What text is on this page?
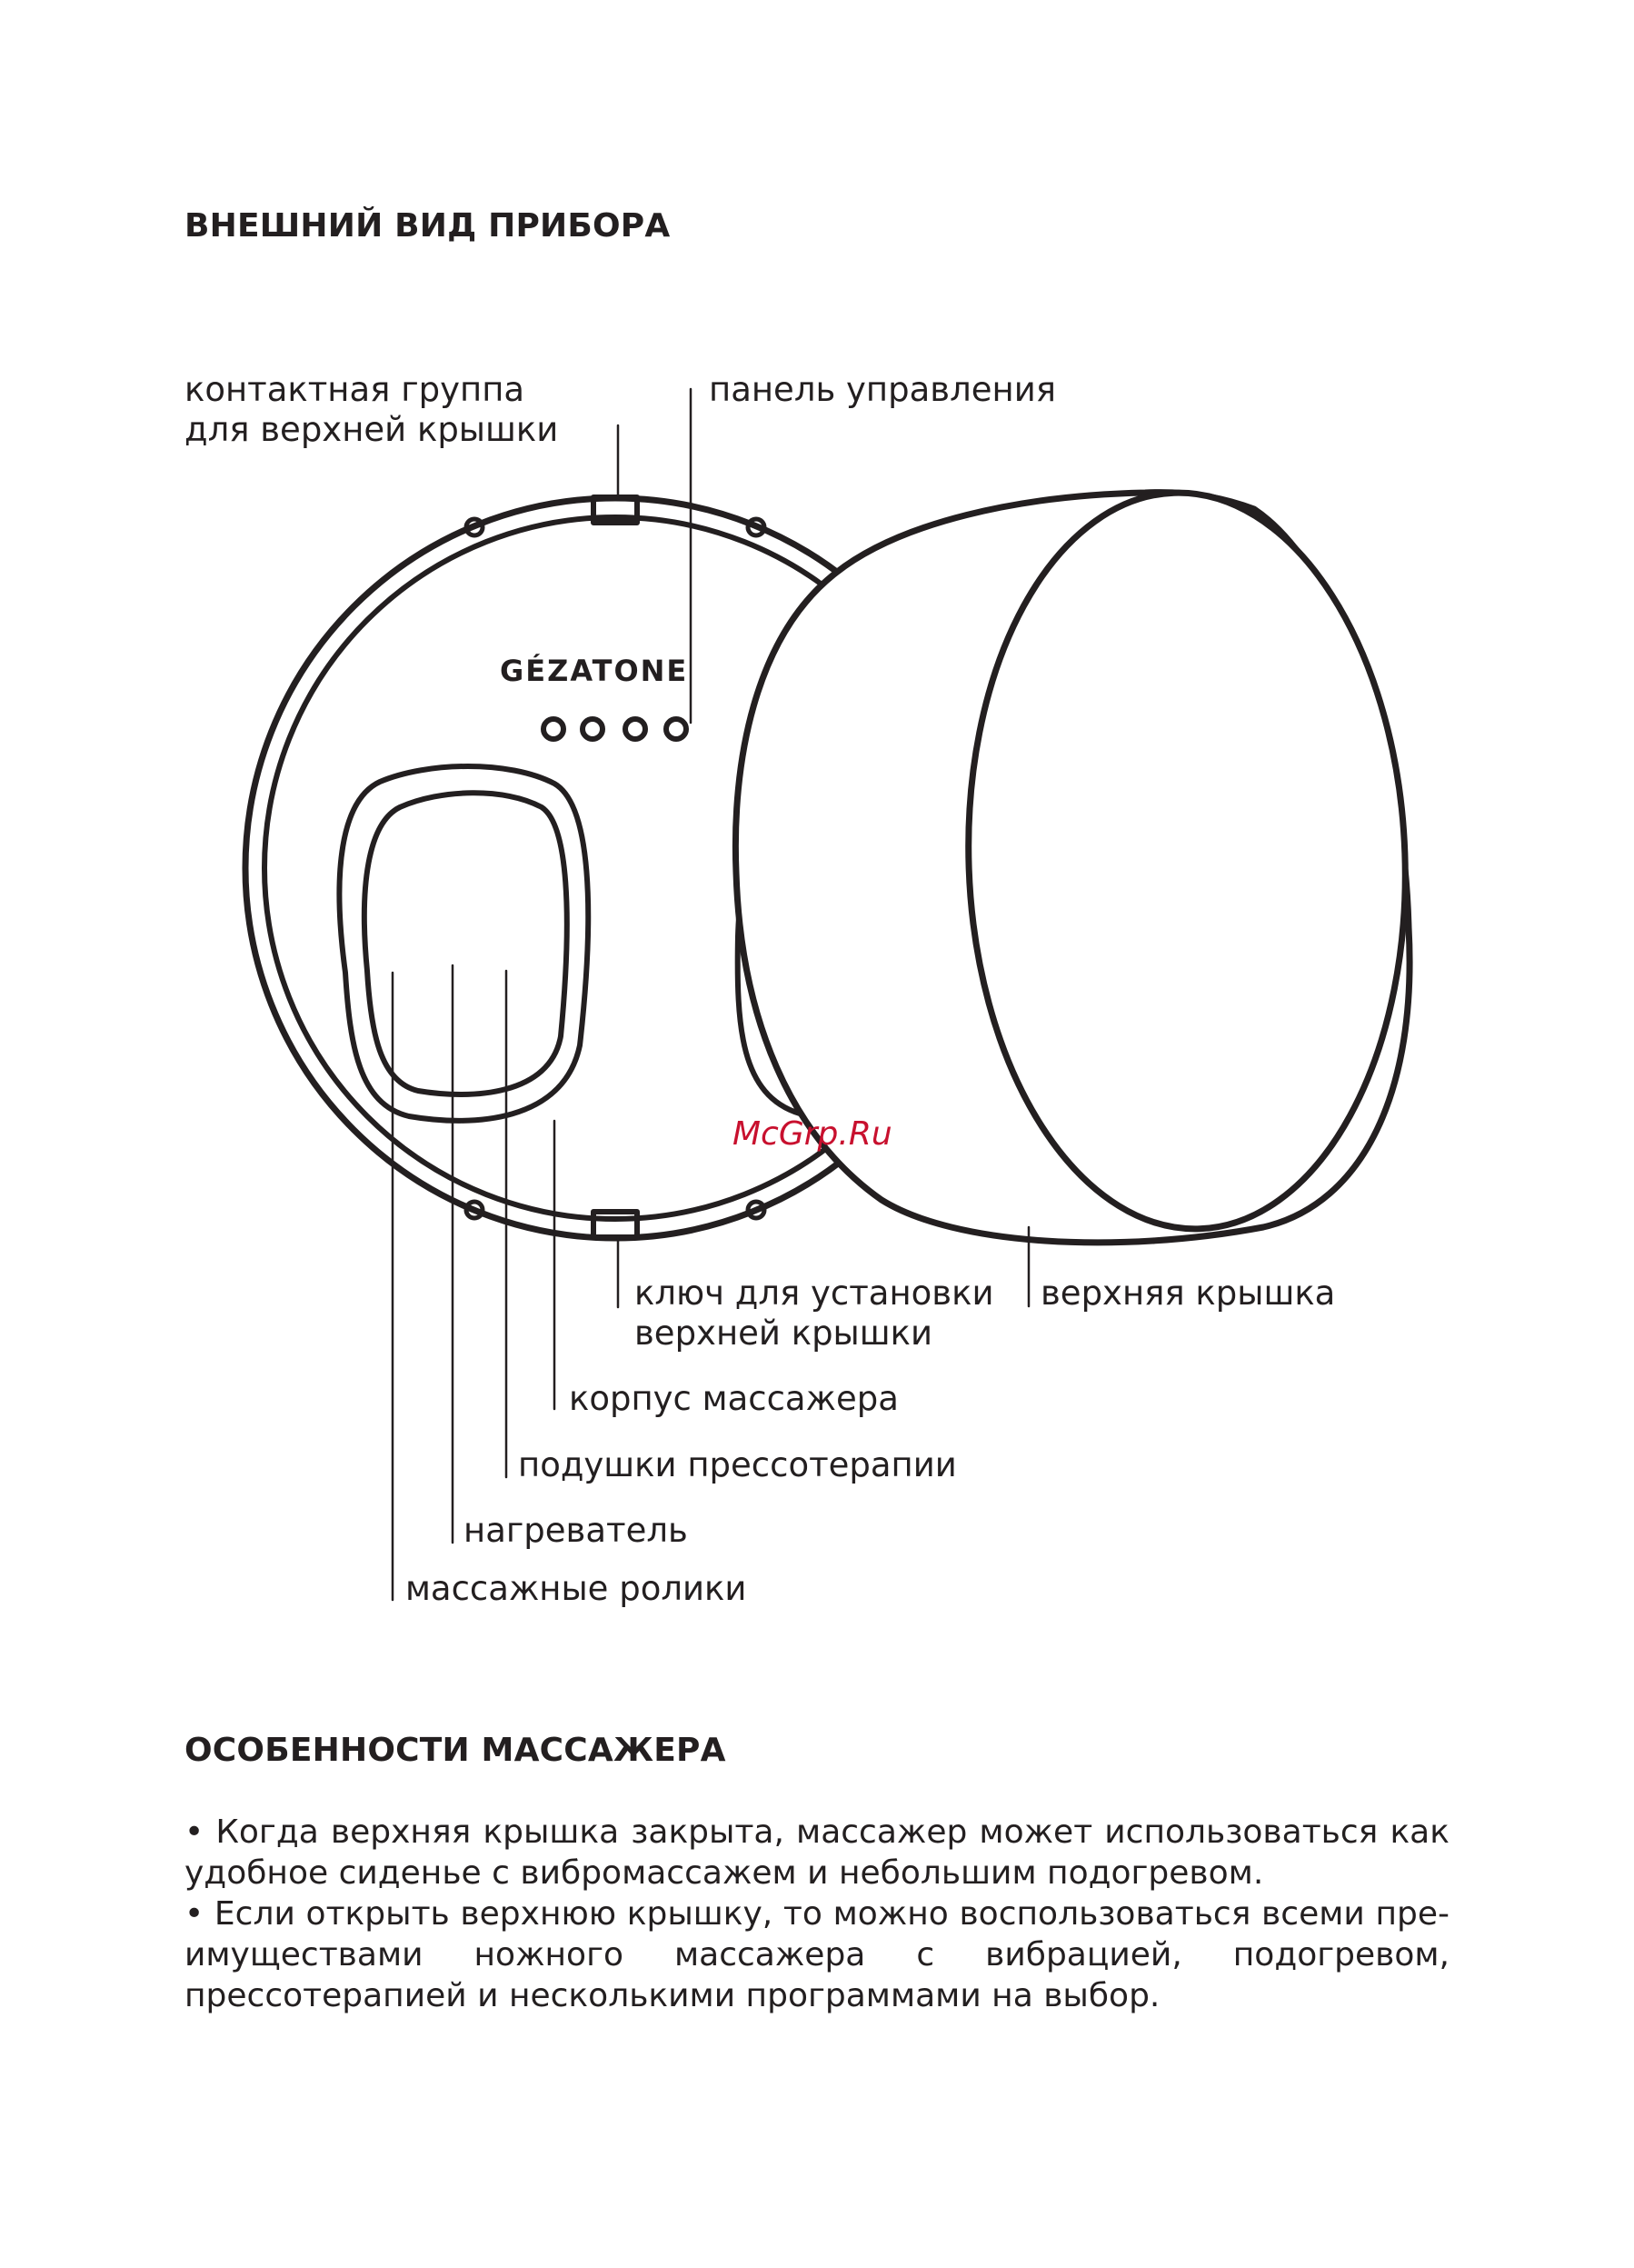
ВНЕШНИЙ ВИД ПРИБОРА
GÉZATONE
McGrp.Ru
контактная группа
для верхней крышки
панель управления
ключ для установки
верхней крышки
верхняя крышка
корпус массажера
подушки прессотерапии
нагреватель
массажные ролики
ОСОБЕННОСТИ МАССАЖЕРА

• Когда верхняя крышка закрыта, массажер может использоваться как удобное сиденье с вибромассажем и небольшим подогревом.

• Если открыть верхнюю крышку, то можно воспользоваться всеми преимуществами ножного массажера с вибрацией, подогревом, прессотерапией и несколькими программами на выбор.
